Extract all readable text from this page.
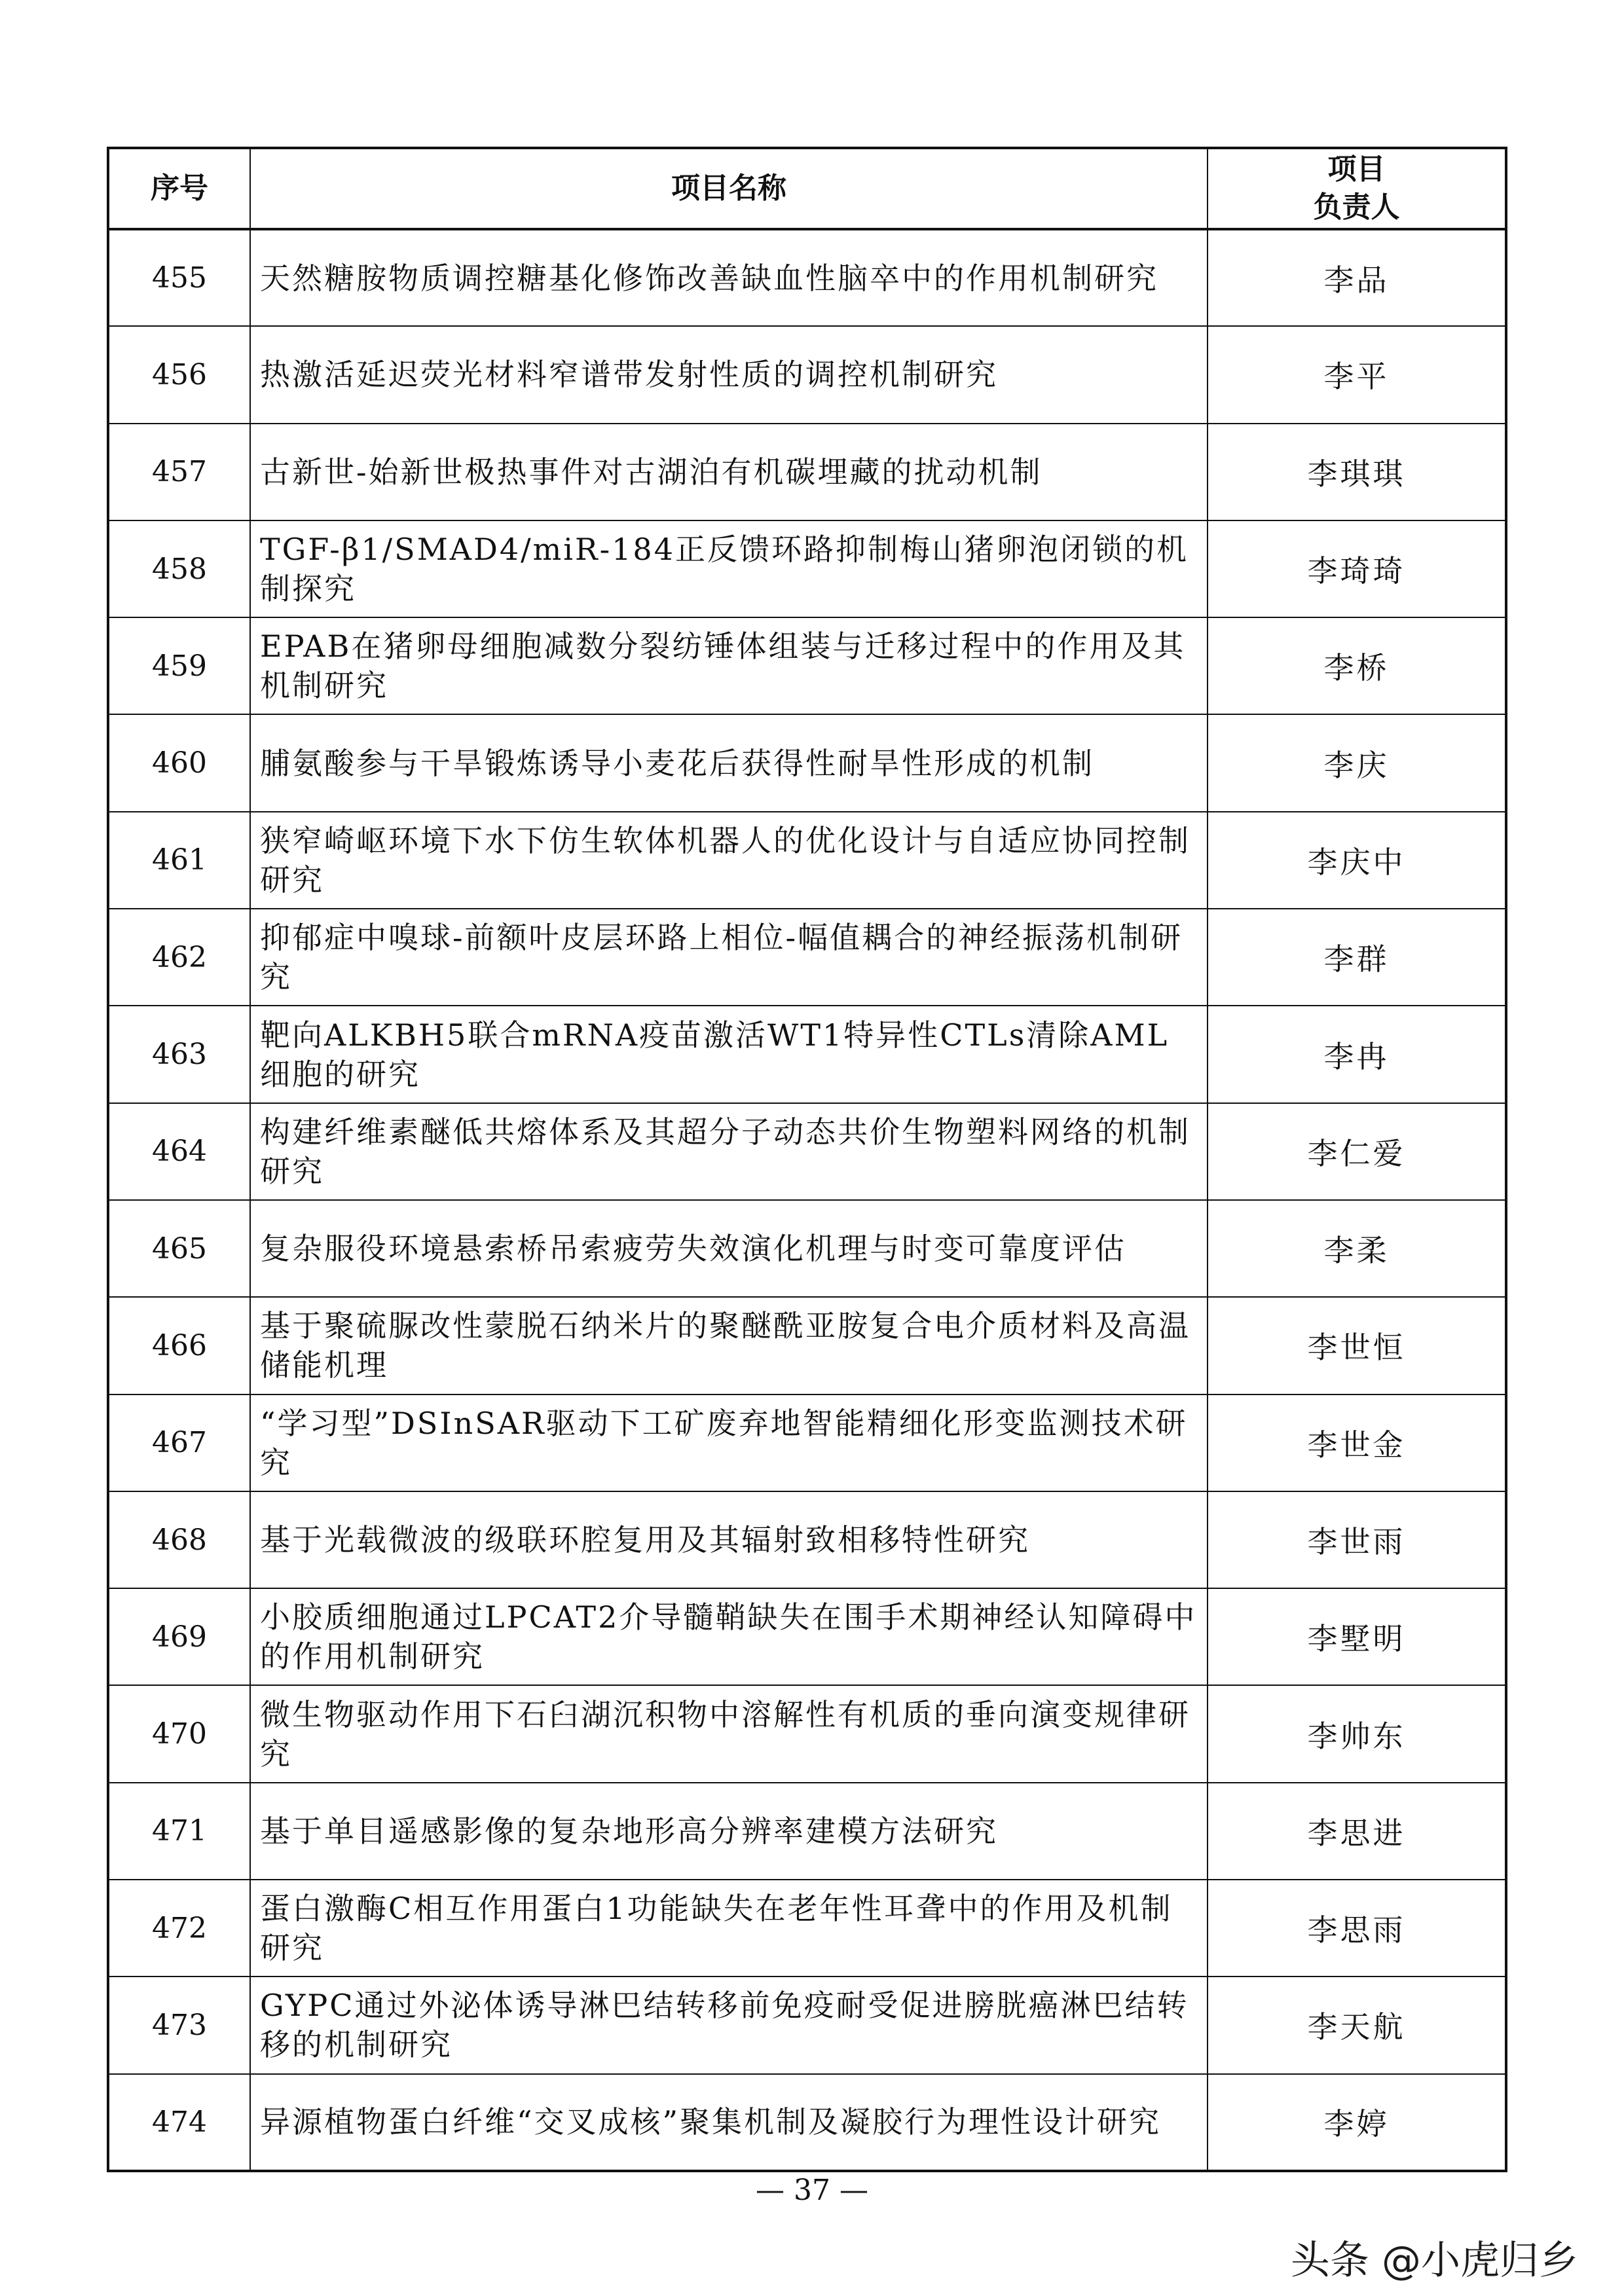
序号	项目名称	项目
负责人

455	天然糖胺物质调控糖基化修饰改善缺血性脑卒中的作用机制研究	李品
456	热激活延迟荧光材料窄谱带发射性质的调控机制研究	李平
457	古新世-始新世极热事件对古湖泊有机碳埋藏的扰动机制	李琪琪
458	TGF-β1/SMAD4/miR-184正反馈环路抑制梅山猪卵泡闭锁的机制探究	李琦琦
459	EPAB在猪卵母细胞减数分裂纺锤体组装与迁移过程中的作用及其机制研究	李桥
460	脯氨酸参与干旱锻炼诱导小麦花后获得性耐旱性形成的机制	李庆
461	狭窄崎岖环境下水下仿生软体机器人的优化设计与自适应协同控制研究	李庆中
462	抑郁症中嗅球-前额叶皮层环路上相位-幅值耦合的神经振荡机制研究	李群
463	靶向ALKBH5联合mRNA疫苗激活WT1特异性CTLs清除AML细胞的研究	李冉
464	构建纤维素醚低共熔体系及其超分子动态共价生物塑料网络的机制研究	李仁爱
465	复杂服役环境悬索桥吊索疲劳失效演化机理与时变可靠度评估	李柔
466	基于聚硫脲改性蒙脱石纳米片的聚醚酰亚胺复合电介质材料及高温储能机理	李世恒
467	“学习型”DSInSAR驱动下工矿废弃地智能精细化形变监测技术研究	李世金
468	基于光载微波的级联环腔复用及其辐射致相移特性研究	李世雨
469	小胶质细胞通过LPCAT2介导髓鞘缺失在围手术期神经认知障碍中的作用机制研究	李墅明
470	微生物驱动作用下石臼湖沉积物中溶解性有机质的垂向演变规律研究	李帅东
471	基于单目遥感影像的复杂地形高分辨率建模方法研究	李思进
472	蛋白激酶C相互作用蛋白1功能缺失在老年性耳聋中的作用及机制研究	李思雨
473	GYPC通过外泌体诱导淋巴结转移前免疫耐受促进膀胱癌淋巴结转移的机制研究	李天航
474	异源植物蛋白纤维“交叉成核”聚集机制及凝胶行为理性设计研究	李婷
— 37 —
头条 @小虎归乡
